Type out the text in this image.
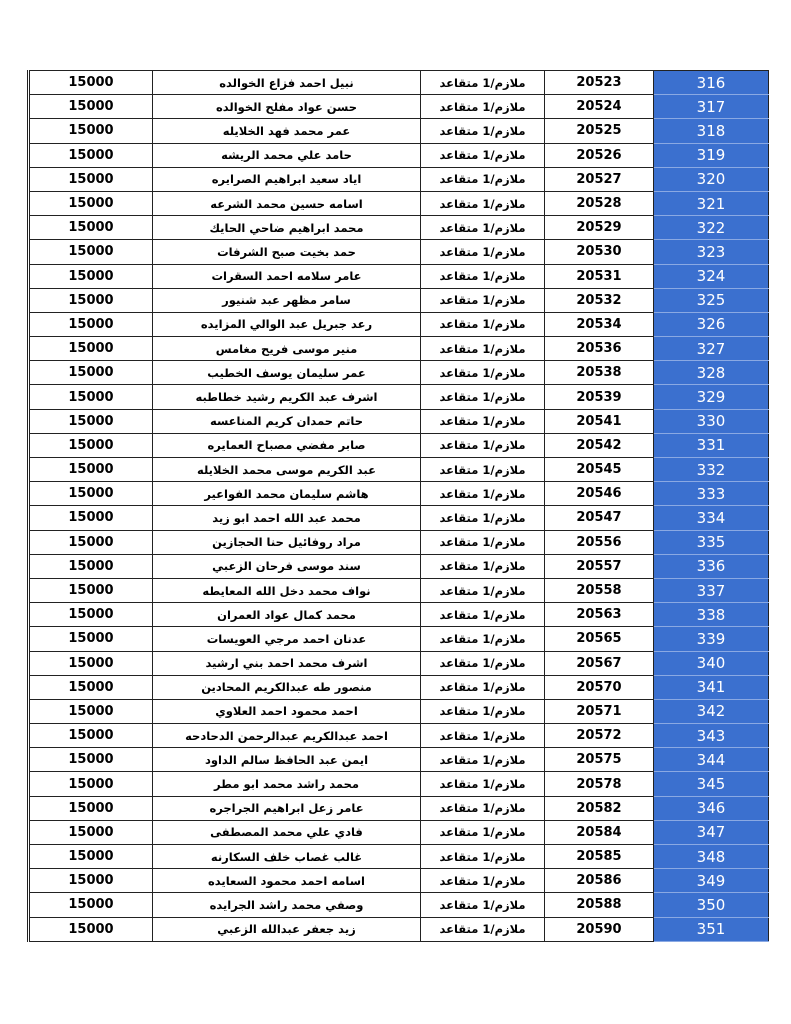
15000	نبيل احمد فزاع الخوالده	ملازم/1 متقاعد	20523	316
15000	حسن عواد مفلح الخوالده	ملازم/1 متقاعد	20524	317
15000	عمر محمد فهد الخلايله	ملازم/1 متقاعد	20525	318
15000	حامد علي محمد الريشه	ملازم/1 متقاعد	20526	319
15000	اياد سعيد ابراهيم الصرايره	ملازم/1 متقاعد	20527	320
15000	اسامه حسين محمد الشرعه	ملازم/1 متقاعد	20528	321
15000	محمد ابراهيم ضاحي الحايك	ملازم/1 متقاعد	20529	322
15000	حمد بخيت صبح الشرفات	ملازم/1 متقاعد	20530	323
15000	عامر سلامه احمد السقرات	ملازم/1 متقاعد	20531	324
15000	سامر مظهر عبد شنيور	ملازم/1 متقاعد	20532	325
15000	رعد جبريل عبد الوالي المزايده	ملازم/1 متقاعد	20534	326
15000	منير موسى فريح مغامس	ملازم/1 متقاعد	20536	327
15000	عمر سليمان يوسف الخطيب	ملازم/1 متقاعد	20538	328
15000	اشرف عبد الكريم رشيد خطاطبه	ملازم/1 متقاعد	20539	329
15000	حاتم حمدان كريم المناعسه	ملازم/1 متقاعد	20541	330
15000	صابر مفضي مصباح العمايره	ملازم/1 متقاعد	20542	331
15000	عبد الكريم موسى محمد الخلايله	ملازم/1 متقاعد	20545	332
15000	هاشم سليمان محمد الفواعير	ملازم/1 متقاعد	20546	333
15000	محمد عبد الله احمد ابو زيد	ملازم/1 متقاعد	20547	334
15000	مراد روفائيل حنا الحجازين	ملازم/1 متقاعد	20556	335
15000	سند موسى فرحان الزعبي	ملازم/1 متقاعد	20557	336
15000	نواف محمد دخل الله المعايطه	ملازم/1 متقاعد	20558	337
15000	محمد كمال عواد العمران	ملازم/1 متقاعد	20563	338
15000	عدنان احمد مرجي العويسات	ملازم/1 متقاعد	20565	339
15000	اشرف محمد احمد بني ارشيد	ملازم/1 متقاعد	20567	340
15000	منصور طه عبدالكريم المحادين	ملازم/1 متقاعد	20570	341
15000	احمد محمود احمد العلاوي	ملازم/1 متقاعد	20571	342
15000	احمد عبدالكريم عبدالرحمن الدحادحه	ملازم/1 متقاعد	20572	343
15000	ايمن عبد الحافظ سالم الداود	ملازم/1 متقاعد	20575	344
15000	محمد راشد محمد ابو مطر	ملازم/1 متقاعد	20578	345
15000	عامر زعل ابراهيم الجراجره	ملازم/1 متقاعد	20582	346
15000	فادي علي محمد المصطفى	ملازم/1 متقاعد	20584	347
15000	غالب غصاب خلف السكارنه	ملازم/1 متقاعد	20585	348
15000	اسامه احمد محمود السعايده	ملازم/1 متقاعد	20586	349
15000	وصفي محمد راشد الجرايده	ملازم/1 متقاعد	20588	350
15000	زيد جعفر عبدالله الزعبي	ملازم/1 متقاعد	20590	351
